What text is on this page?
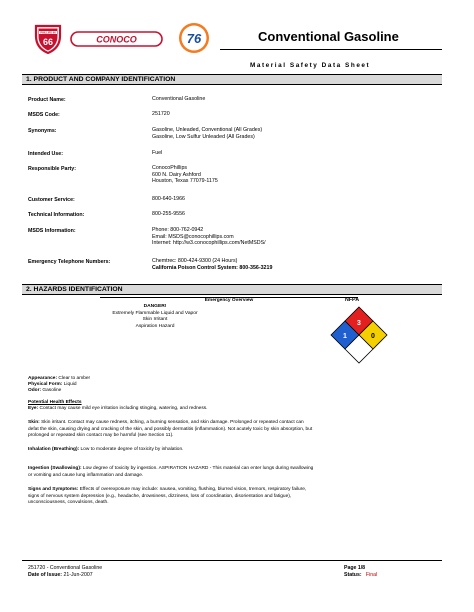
PHILLIPS 66
66	CONOCO	76	Conventional Gasoline
Material Safety Data Sheet
1. PRODUCT AND COMPANY IDENTIFICATION
Product Name:	Conventional Gasoline
MSDS Code:	251720
Synonyms:	Gasoline, Unleaded, Conventional (All Grades)
Gasoline, Low Sulfur Unleaded (All Grades)
Intended Use:	Fuel
Responsible Party:	ConocoPhillips
600 N. Dairy Ashford
Houston, Texas 77079-1175
Customer Service:	800-640-1966
Technical Information:	800-255-9556
MSDS Information:	Phone: 800-762-0942
Email: MSDS@conocophillips.com
Internet: http://w3.conocophillips.com/NetMSDS/
Emergency Telephone Numbers:	Chemtrec: 800-424-9300 (24 Hours)
California Poison Control System: 800-356-3219
2. HAZARDS IDENTIFICATION
Emergency Overview	NFPA
DANGER!
Extremely Flammable Liquid and Vapor
Skin Irritant
Aspiration Hazard	3
1	0
Appearance: Clear to amber
Physical Form: Liquid
Odor: Gasoline
Potential Health Effects
Eye: Contact may cause mild eye irritation including stinging, watering, and redness.
Skin: Skin irritant. Contact may cause redness, itching, a burning sensation, and skin damage. Prolonged or repeated contact can
defat the skin, causing drying and cracking of the skin, and possibly dermatitis (inflammation). Not acutely toxic by skin absorption, but
prolonged or repeated skin contact may be harmful (see Section 11).
Inhalation (Breathing): Low to moderate degree of toxicity by inhalation.
Ingestion (Swallowing): Low degree of toxicity by ingestion. ASPIRATION HAZARD - This material can enter lungs during swallowing
or vomiting and cause lung inflammation and damage.
Signs and Symptoms: Effects of overexposure may include: nausea, vomiting, flushing, blurred vision, tremors, respiratory failure,
signs of nervous system depression (e.g., headache, drowsiness, dizziness, loss of coordination, disorientation and fatigue),
unconsciousness, convulsions, death.
251720 - Conventional Gasoline
Date of Issue: 21-Jun-2007
Page 1/8
Status: Final
